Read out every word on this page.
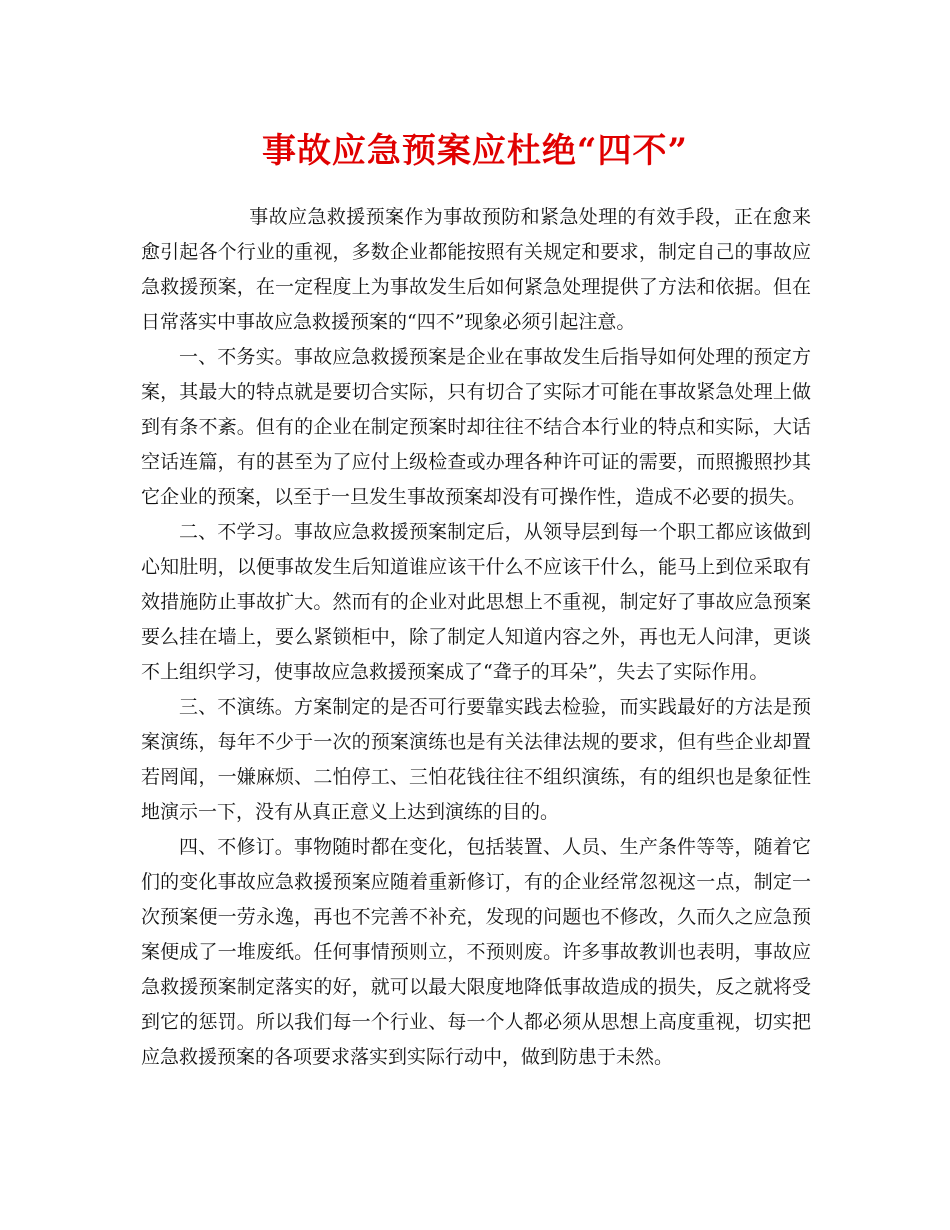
事故应急预案应杜绝“四不”

事故应急救援预案作为事故预防和紧急处理的有效手段，正在愈来愈引起各个行业的重视，多数企业都能按照有关规定和要求，制定自己的事故应急救援预案，在一定程度上为事故发生后如何紧急处理提供了方法和依据。但在日常落实中事故应急救援预案的“四不”现象必须引起注意。

一、不务实。事故应急救援预案是企业在事故发生后指导如何处理的预定方案，其最大的特点就是要切合实际，只有切合了实际才可能在事故紧急处理上做到有条不紊。但有的企业在制定预案时却往往不结合本行业的特点和实际，大话空话连篇，有的甚至为了应付上级检查或办理各种许可证的需要，而照搬照抄其它企业的预案，以至于一旦发生事故预案却没有可操作性，造成不必要的损失。

二、不学习。事故应急救援预案制定后，从领导层到每一个职工都应该做到心知肚明，以便事故发生后知道谁应该干什么不应该干什么，能马上到位采取有效措施防止事故扩大。然而有的企业对此思想上不重视，制定好了事故应急预案要么挂在墙上，要么紧锁柜中，除了制定人知道内容之外，再也无人问津，更谈不上组织学习，使事故应急救援预案成了“聋子的耳朵”，失去了实际作用。

三、不演练。方案制定的是否可行要靠实践去检验，而实践最好的方法是预案演练，每年不少于一次的预案演练也是有关法律法规的要求，但有些企业却置若罔闻，一嫌麻烦、二怕停工、三怕花钱往往不组织演练，有的组织也是象征性地演示一下，没有从真正意义上达到演练的目的。

四、不修订。事物随时都在变化，包括装置、人员、生产条件等等，随着它们的变化事故应急救援预案应随着重新修订，有的企业经常忽视这一点，制定一次预案便一劳永逸，再也不完善不补充，发现的问题也不修改，久而久之应急预案便成了一堆废纸。任何事情预则立，不预则废。许多事故教训也表明，事故应急救援预案制定落实的好，就可以最大限度地降低事故造成的损失，反之就将受到它的惩罚。所以我们每一个行业、每一个人都必须从思想上高度重视，切实把应急救援预案的各项要求落实到实际行动中，做到防患于未然。
